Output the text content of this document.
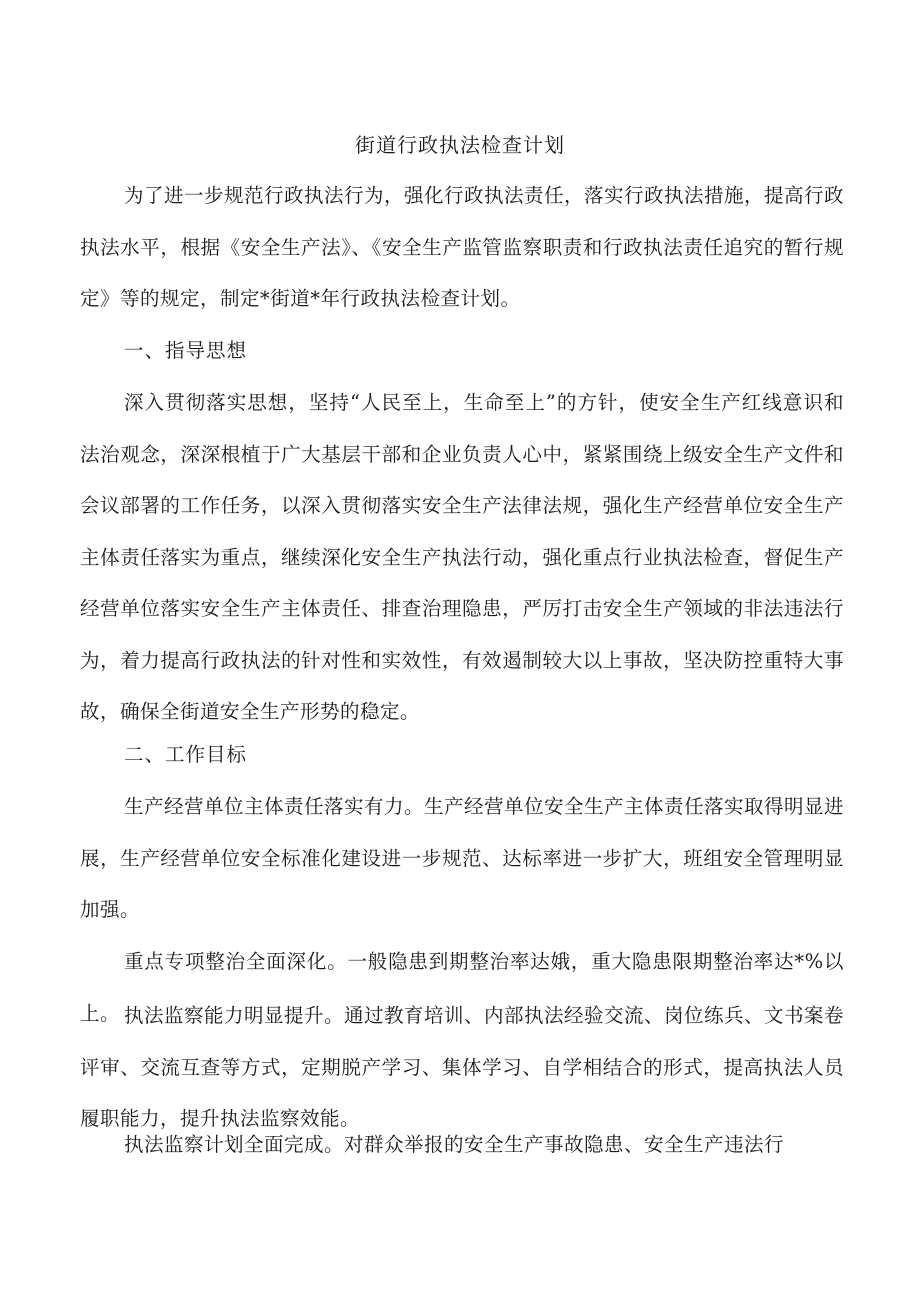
街道行政执法检查计划

为了进一步规范行政执法行为，强化行政执法责任，落实行政执法措施，提高行政执法水平，根据《安全生产法》、《安全生产监管监察职责和行政执法责任追究的暂行规定》等的规定，制定*街道*年行政执法检查计划。

一、指导思想

深入贯彻落实思想，坚持“人民至上，生命至上”的方针，使安全生产红线意识和法治观念，深深根植于广大基层干部和企业负责人心中，紧紧围绕上级安全生产文件和会议部署的工作任务，以深入贯彻落实安全生产法律法规，强化生产经营单位安全生产主体责任落实为重点，继续深化安全生产执法行动，强化重点行业执法检查，督促生产经营单位落实安全生产主体责任、排查治理隐患，严厉打击安全生产领域的非法违法行为，着力提高行政执法的针对性和实效性，有效遏制较大以上事故，坚决防控重特大事故，确保全街道安全生产形势的稳定。

二、工作目标

生产经营单位主体责任落实有力。生产经营单位安全生产主体责任落实取得明显进展，生产经营单位安全标准化建设进一步规范、达标率进一步扩大，班组安全管理明显加强。

重点专项整治全面深化。一般隐患到期整治率达娥，重大隐患限期整治率达*%以上。 执法监察能力明显提升。通过教育培训、内部执法经验交流、岗位练兵、文书案卷评审、交流互查等方式，定期脱产学习、集体学习、自学相结合的形式，提高执法人员履职能力，提升执法监察效能。

执法监察计划全面完成。对群众举报的安全生产事故隐患、安全生产违法行
